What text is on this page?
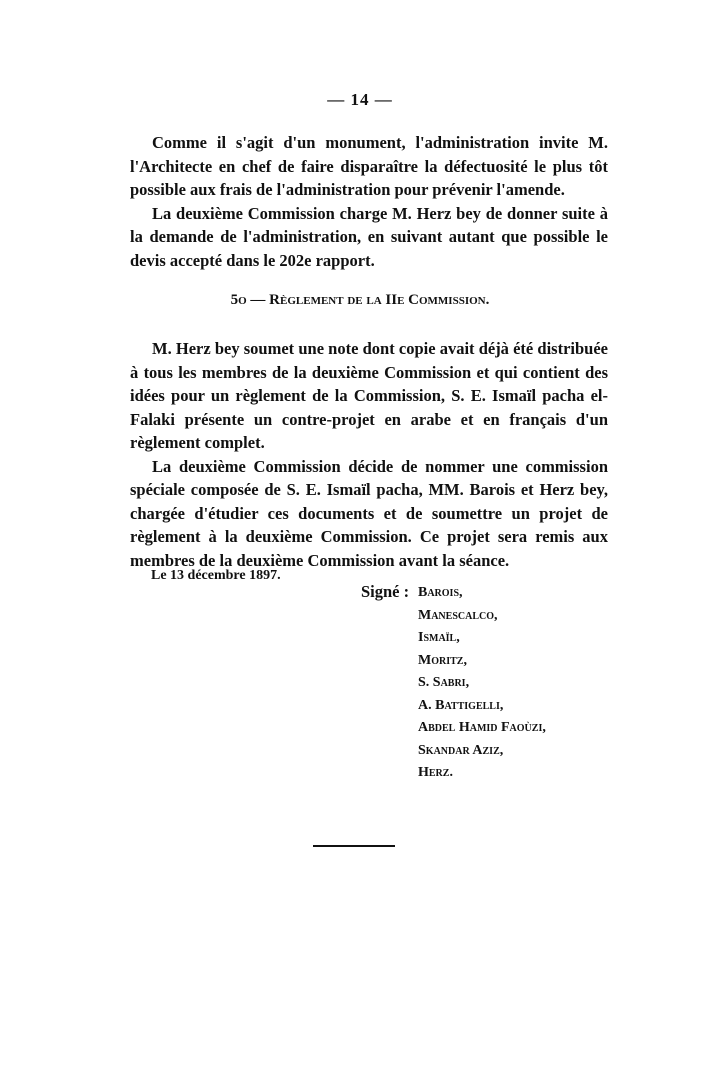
— 14 —

Comme il s'agit d'un monument, l'administration invite M. l'Architecte en chef de faire disparaître la défectuosité le plus tôt possible aux frais de l'administration pour prévenir l'amende.

La deuxième Commission charge M. Herz bey de donner suite à la demande de l'administration, en suivant autant que possible le devis accepté dans le 202e rapport.

5o — Règlement de la IIe Commission.

M. Herz bey soumet une note dont copie avait déjà été distribuée à tous les membres de la deuxième Commission et qui contient des idées pour un règlement de la Commission, S. E. Ismaïl pacha el-Falaki présente un contre-projet en arabe et en français d'un règlement complet.

La deuxième Commission décide de nommer une commission spéciale composée de S. E. Ismaïl pacha, MM. Barois et Herz bey, chargée d'étudier ces documents et de soumettre un projet de règlement à la deuxième Commission. Ce projet sera remis aux membres de la deuxième Commission avant la séance.

Le 13 décembre 1897.
Signé : Barois,
Manescalco,
Ismaïl,
Moritz,
S. Sabri,
A. Battigelli,
Abdel Hamid Faoùzi,
Skandar Aziz,
Herz.
